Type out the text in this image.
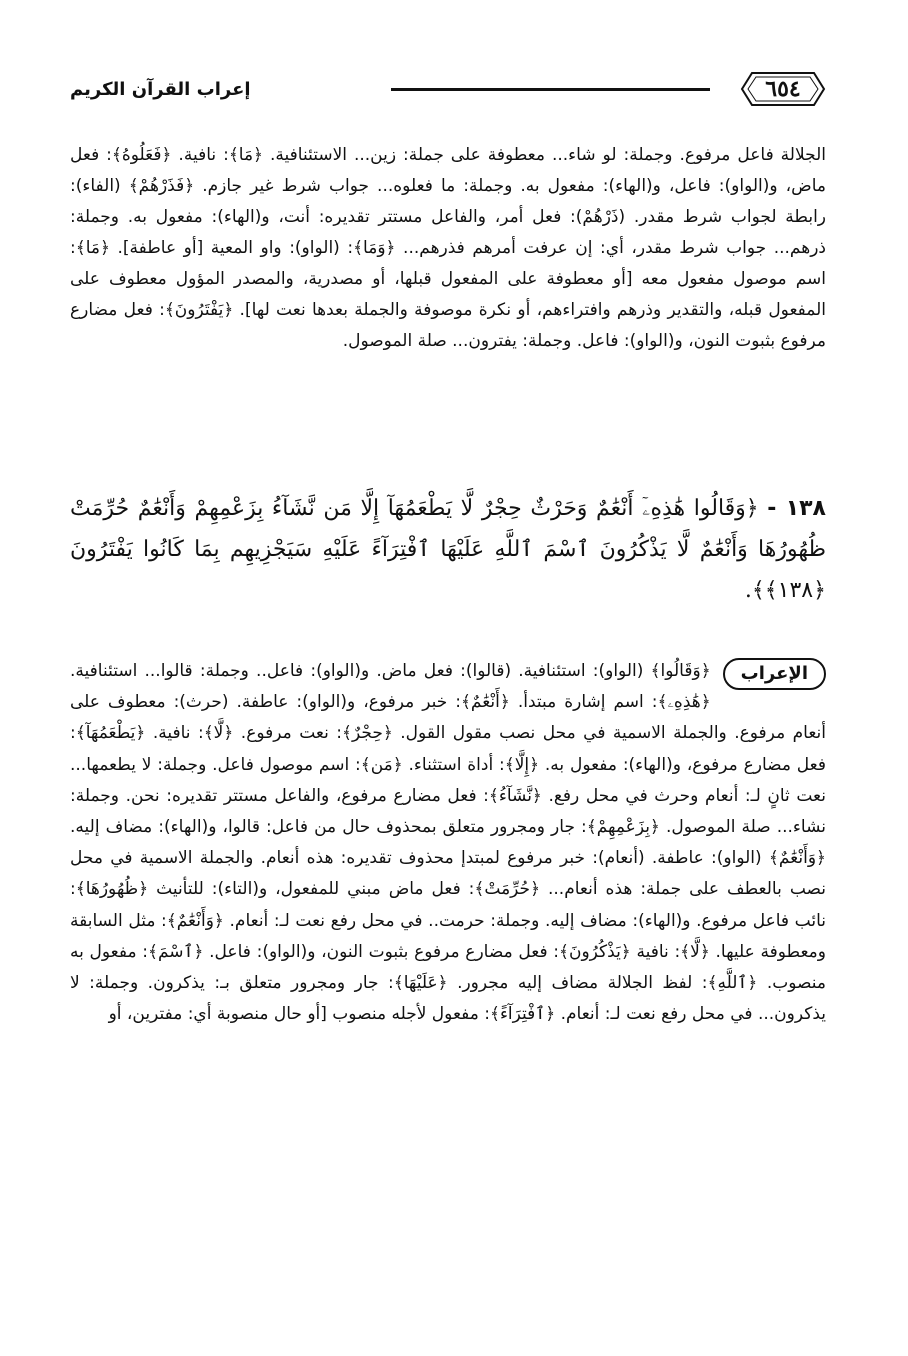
٦٥٤
إعراب القرآن الكريم
الجلالة فاعل مرفوع. وجملة: لو شاء... معطوفة على جملة: زين... الاستئنافية. ﴿مَا﴾: نافية. ﴿فَعَلُوهُ﴾: فعل ماض، و(الواو): فاعل، و(الهاء): مفعول به. وجملة: ما فعلوه... جواب شرط غير جازم. ﴿فَذَرْهُمْ﴾ (الفاء): رابطة لجواب شرط مقدر. (ذَرْهُمْ): فعل أمر، والفاعل مستتر تقديره: أنت، و(الهاء): مفعول به. وجملة: ذرهم... جواب شرط مقدر، أي: إن عرفت أمرهم فذرهم... ﴿وَمَا﴾: (الواو): واو المعية [أو عاطفة]. ﴿مَا﴾: اسم موصول مفعول معه [أو معطوفة على المفعول قبلها، أو مصدرية، والمصدر المؤول معطوف على المفعول قبله، والتقدير وذرهم وافتراءهم، أو نكرة موصوفة والجملة بعدها نعت لها]. ﴿يَفْتَرُونَ﴾: فعل مضارع مرفوع بثبوت النون، و(الواو): فاعل. وجملة: يفترون... صلة الموصول.
١٣٨ - ﴿وَقَالُوا هَٰذِهِۦٓ أَنْعَٰمٌ وَحَرْثٌ حِجْرٌ لَّا يَطْعَمُهَآ إِلَّا مَن نَّشَآءُ بِزَعْمِهِمْ وَأَنْعَٰمٌ حُرِّمَتْ ظُهُورُهَا وَأَنْعَٰمٌ لَّا يَذْكُرُونَ ٱسْمَ ٱللَّهِ عَلَيْهَا ٱفْتِرَآءً عَلَيْهِ سَيَجْزِيهِم بِمَا كَانُوا يَفْتَرُونَ ﴿١٣٨﴾﴾.
الإعراب
﴿وَقَالُوا﴾ (الواو): استئنافية. (قالوا): فعل ماض. و(الواو): فاعل.. وجملة: قالوا... استئنافية. ﴿هَٰذِهِۦ﴾: اسم إشارة مبتدأ. ﴿أَنْعَٰمٌ﴾: خبر مرفوع، و(الواو): عاطفة. (حرث): معطوف على أنعام مرفوع. والجملة الاسمية في محل نصب مقول القول. ﴿حِجْرٌ﴾: نعت مرفوع. ﴿لَّا﴾: نافية. ﴿يَطْعَمُهَآ﴾: فعل مضارع مرفوع، و(الهاء): مفعول به. ﴿إِلَّا﴾: أداة استثناء. ﴿مَن﴾: اسم موصول فاعل. وجملة: لا يطعمها... نعت ثانٍ لـ: أنعام وحرث في محل رفع. ﴿نَّشَآءُ﴾: فعل مضارع مرفوع، والفاعل مستتر تقديره: نحن. وجملة: نشاء... صلة الموصول. ﴿بِزَعْمِهِمْ﴾: جار ومجرور متعلق بمحذوف حال من فاعل: قالوا، و(الهاء): مضاف إليه. ﴿وَأَنْعَٰمٌ﴾ (الواو): عاطفة. (أنعام): خبر مرفوع لمبتدإ محذوف تقديره: هذه أنعام. والجملة الاسمية في محل نصب بالعطف على جملة: هذه أنعام... ﴿حُرِّمَتْ﴾: فعل ماض مبني للمفعول، و(التاء): للتأنيث ﴿ظُهُورُهَا﴾: نائب فاعل مرفوع. و(الهاء): مضاف إليه. وجملة: حرمت.. في محل رفع نعت لـ: أنعام. ﴿وَأَنْعَٰمٌ﴾: مثل السابقة ومعطوفة عليها. ﴿لَّا﴾: نافية ﴿يَذْكُرُونَ﴾: فعل مضارع مرفوع بثبوت النون، و(الواو): فاعل. ﴿ٱسْمَ﴾: مفعول به منصوب. ﴿ٱللَّهِ﴾: لفظ الجلالة مضاف إليه مجرور. ﴿عَلَيْهَا﴾: جار ومجرور متعلق بـ: يذكرون. وجملة: لا يذكرون... في محل رفع نعت لـ: أنعام. ﴿ٱفْتِرَآءً﴾: مفعول لأجله منصوب [أو حال منصوبة أي: مفترين، أو
